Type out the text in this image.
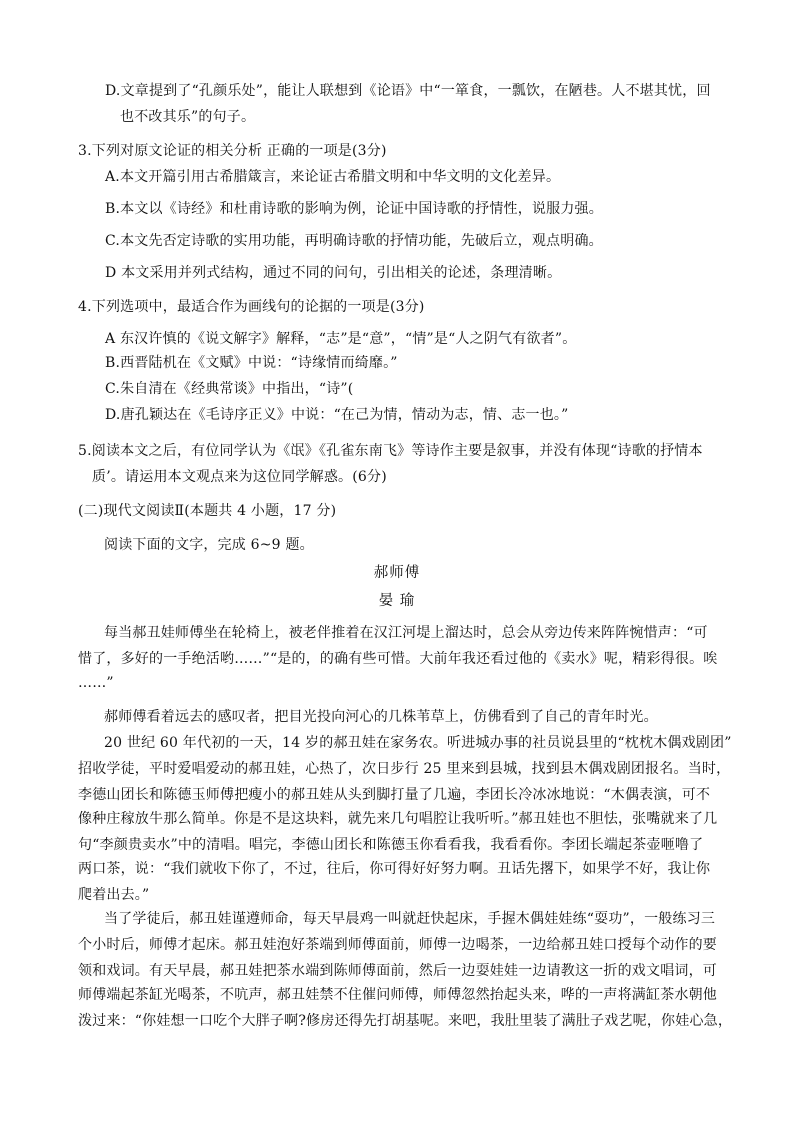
D.文章提到了“孔颜乐处”，能让人联想到《论语》中“一箪食，一瓢饮，在陋巷。人不堪其忧，回
也不改其乐”的句子。
3.下列对原文论证的相关分析 正确的一项是(3分)
A.本文开篇引用古希腊箴言，来论证古希腊文明和中华文明的文化差异。
B.本文以《诗经》和杜甫诗歌的影响为例，论证中国诗歌的抒情性，说服力强。
C.本文先否定诗歌的实用功能，再明确诗歌的抒情功能，先破后立，观点明确。
D 本文采用并列式结构，通过不同的问句，引出相关的论述，条理清晰。
4.下列选项中，最适合作为画线句的论据的一项是(3分)
A 东汉许慎的《说文解字》解释，“志”是“意”，“情”是“人之阴气有欲者”。
B.西晋陆机在《文赋》中说：“诗缘情而绮靡。”
C.朱自清在《经典常谈》中指出，“诗”(
D.唐孔颖达在《毛诗序正义》中说：“在己为情，情动为志，情、志一也。”
5.阅读本文之后，有位同学认为《氓》《孔雀东南飞》等诗作主要是叙事，并没有体现“诗歌的抒情本
质’。请运用本文观点来为这位同学解惑。(6分)
(二)现代文阅读Ⅱ(本题共 4 小题，17 分)
阅读下面的文字，完成 6~9 题。
郝师傅
晏 瑜
每当郝丑娃师傅坐在轮椅上，被老伴推着在汉江河堤上溜达时，总会从旁边传来阵阵惋惜声：“可
惜了，多好的一手绝活哟……”“是的，的确有些可惜。大前年我还看过他的《卖水》呢，精彩得很。唉
……”
郝师傅看着远去的感叹者，把目光投向河心的几株苇草上，仿佛看到了自己的青年时光。
20 世纪 60 年代初的一天，14 岁的郝丑娃在家务农。听进城办事的社员说县里的“枕枕木偶戏剧团”
招收学徒，平时爱唱爱动的郝丑娃，心热了，次日步行 25 里来到县城，找到县木偶戏剧团报名。当时，
李德山团长和陈德玉师傅把瘦小的郝丑娃从头到脚打量了几遍，李团长冷冰冰地说：“木偶表演，可不
像种庄稼放牛那么简单。你是不是这块料，就先来几句唱腔让我听听。”郝丑娃也不胆怯，张嘴就来了几
句“李颜贵卖水”中的清唱。唱完，李德山团长和陈德玉你看看我，我看看你。李团长端起茶壶咂噜了
两口茶，说：“我们就收下你了，不过，往后，你可得好好努力啊。丑话先撂下，如果学不好，我让你
爬着出去。”
当了学徒后，郝丑娃谨遵师命，每天早晨鸡一叫就赶快起床，手握木偶娃娃练“耍功”，一般练习三
个小时后，师傅才起床。郝丑娃泡好茶端到师傅面前，师傅一边喝茶，一边给郝丑娃口授每个动作的要
领和戏词。有天早晨，郝丑娃把茶水端到陈师傅面前，然后一边耍娃娃一边请教这一折的戏文唱词，可
师傅端起茶缸光喝茶，不吭声，郝丑娃禁不住催问师傅，师傅忽然抬起头来，哗的一声将满缸茶水朝他
泼过来：“你娃想一口吃个大胖子啊?修房还得先打胡基呢。来吧，我肚里装了满肚子戏艺呢，你娃心急，
